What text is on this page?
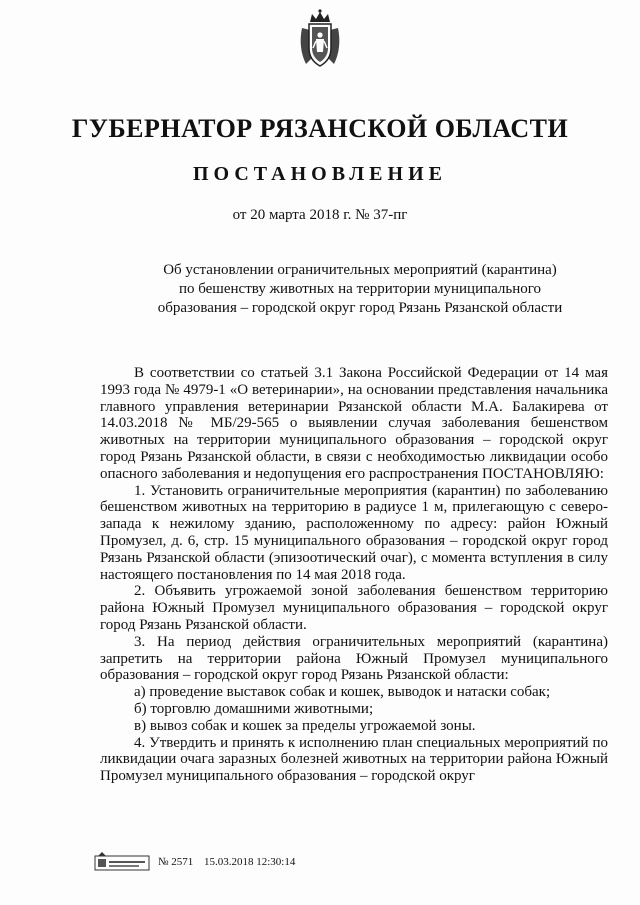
ГУБЕРНАТОР РЯЗАНСКОЙ ОБЛАСТИ
ПОСТАНОВЛЕНИЕ
от 20 марта 2018 г. № 37-пг
Об установлении ограничительных мероприятий (карантина)
по бешенству животных на территории муниципального
образования – городской округ город Рязань Рязанской области

В соответствии со статьей 3.1 Закона Российской Федерации от 14 мая 1993 года № 4979-1 «О ветеринарии», на основании представления начальника главного управления ветеринарии Рязанской области М.А. Балакирева от 14.03.2018 № МБ/29-565 о выявлении случая заболевания бешенством животных на территории муниципального образования – городской округ город Рязань Рязанской области, в связи с необходимостью ликвидации особо опасного заболевания и недопущения его распространения ПОСТАНОВЛЯЮ:

1. Установить ограничительные мероприятия (карантин) по заболеванию бешенством животных на территорию в радиусе 1 м, прилегающую с северо-запада к нежилому зданию, расположенному по адресу: район Южный Промузел, д. 6, стр. 15 муниципального образования – городской округ город Рязань Рязанской области (эпизоотический очаг), с момента вступления в силу настоящего постановления по 14 мая 2018 года.

2. Объявить угрожаемой зоной заболевания бешенством территорию района Южный Промузел муниципального образования – городской округ город Рязань Рязанской области.

3. На период действия ограничительных мероприятий (карантина) запретить на территории района Южный Промузел муниципального образования – городской округ город Рязань Рязанской области:

а) проведение выставок собак и кошек, выводок и натаски собак;

б) торговлю домашними животными;

в) вывоз собак и кошек за пределы угрожаемой зоны.

4. Утвердить и принять к исполнению план специальных мероприятий по ликвидации очага заразных болезней животных на территории района Южный Промузел муниципального образования – городской округ

№ 2571 15.03.2018 12:30:14
